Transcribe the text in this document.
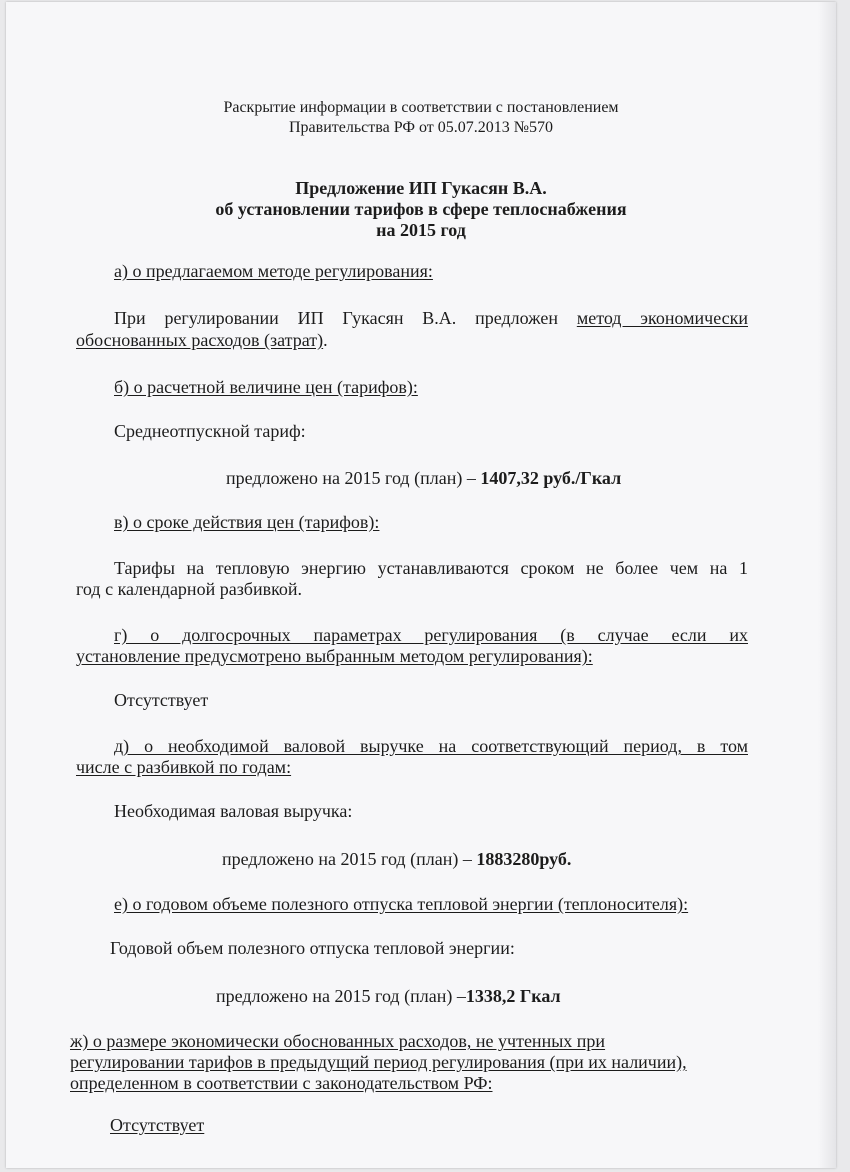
Раскрытие информации в соответствии с постановлением
Правительства РФ от 05.07.2013 №570
Предложение ИП Гукасян В.А.
об установлении тарифов в сфере теплоснабжения
на 2015 год
а) о предлагаемом методе регулирования:
При регулировании ИП Гукасян В.А. предложен метод экономически
обоснованных расходов (затрат).
б) о расчетной величине цен (тарифов):
Среднеотпускной тариф:
предложено на 2015 год (план) – 1407,32 руб./Гкал
в) о сроке действия цен (тарифов):
Тарифы на тепловую энергию устанавливаются сроком не более чем на 1
год с календарной разбивкой.
г) о долгосрочных параметрах регулирования (в случае если их
установление предусмотрено выбранным методом регулирования):
Отсутствует
д) о необходимой валовой выручке на соответствующий период, в том
числе с разбивкой по годам:
Необходимая валовая выручка:
предложено на 2015 год (план) – 1883280руб.
е) о годовом объеме полезного отпуска тепловой энергии (теплоносителя):
Годовой объем полезного отпуска тепловой энергии:
предложено на 2015 год (план) –1338,2 Гкал
ж) о размере экономически обоснованных расходов, не учтенных при
регулировании тарифов в предыдущий период регулирования (при их наличии),
определенном в соответствии с законодательством РФ:
Отсутствует
